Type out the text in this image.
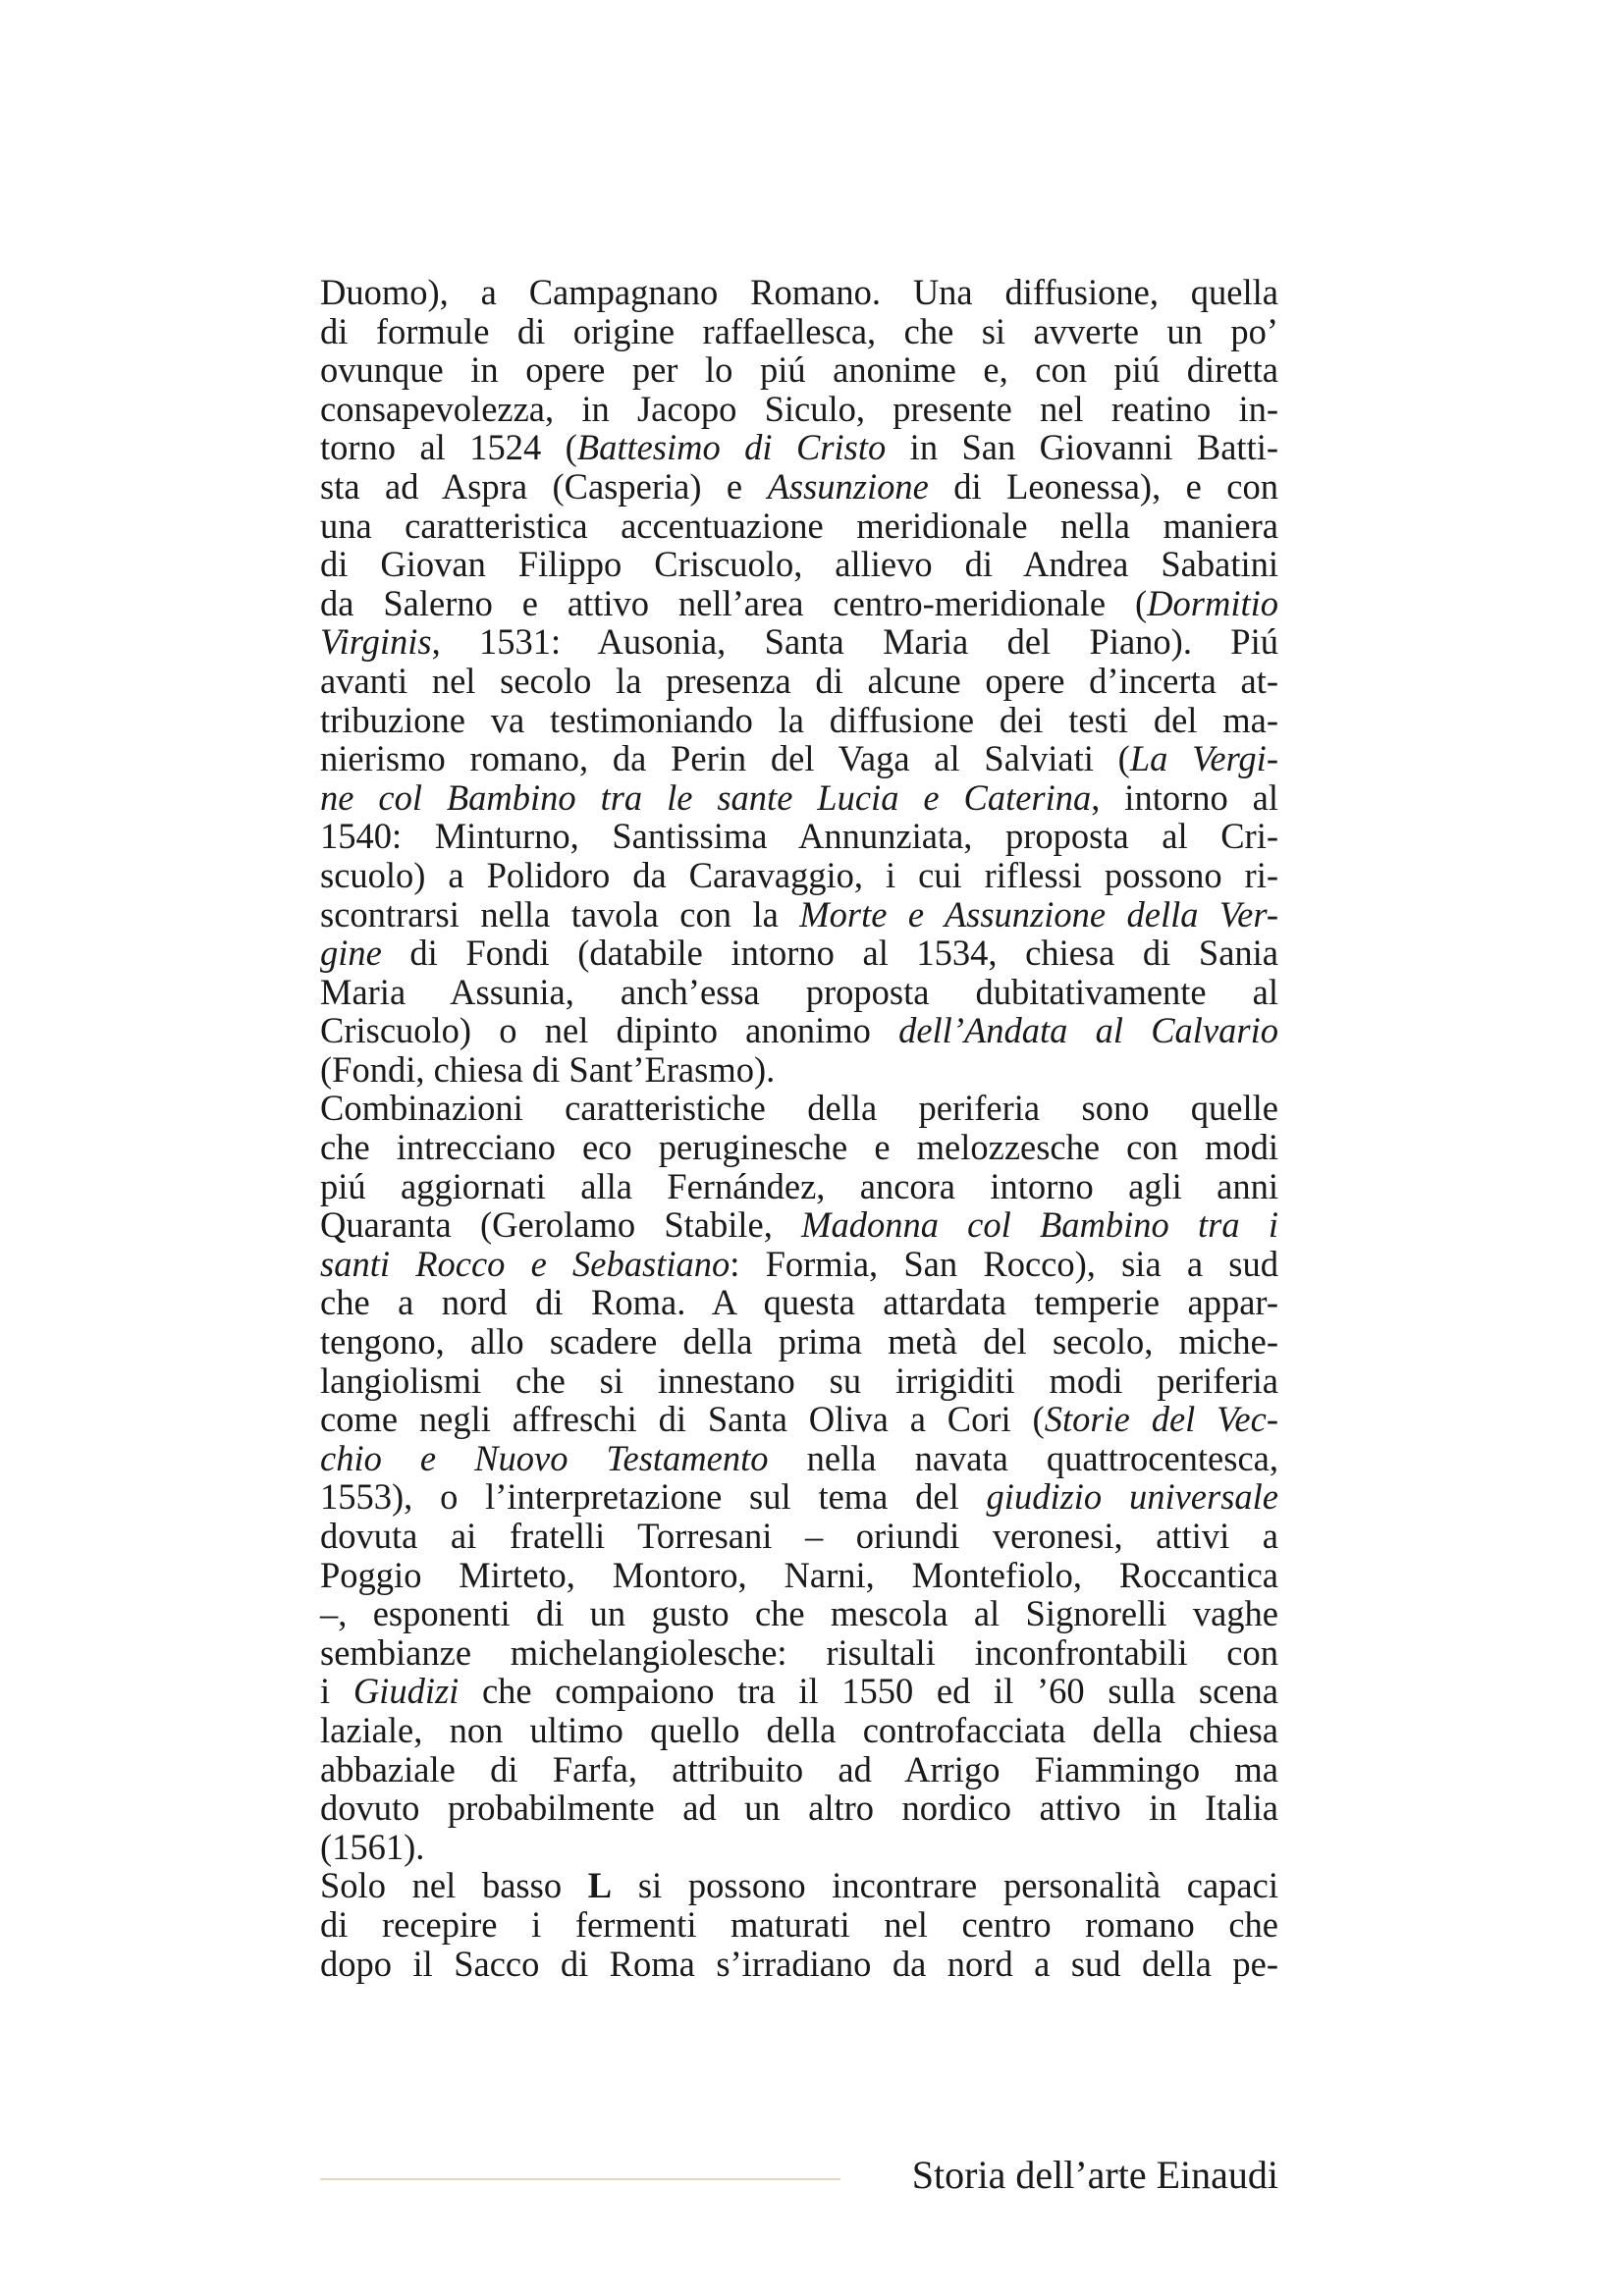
Duomo), a Campagnano Romano. Una diffusione, quella
di formule di origine raffaellesca, che si avverte un po’
ovunque in opere per lo piú anonime e, con piú diretta
consapevolezza, in Jacopo Siculo, presente nel reatino in-
torno al 1524 (Battesimo di Cristo in San Giovanni Batti-
sta ad Aspra (Casperia) e Assunzione di Leonessa), e con
una caratteristica accentuazione meridionale nella maniera
di Giovan Filippo Criscuolo, allievo di Andrea Sabatini
da Salerno e attivo nell’area centro-meridionale (Dormitio
Virginis, 1531: Ausonia, Santa Maria del Piano). Piú
avanti nel secolo la presenza di alcune opere d’incerta at-
tribuzione va testimoniando la diffusione dei testi del ma-
nierismo romano, da Perin del Vaga al Salviati (La Vergi-
ne col Bambino tra le sante Lucia e Caterina, intorno al
1540: Minturno, Santissima Annunziata, proposta al Cri-
scuolo) a Polidoro da Caravaggio, i cui riflessi possono ri-
scontrarsi nella tavola con la Morte e Assunzione della Ver-
gine di Fondi (databile intorno al 1534, chiesa di Sania
Maria Assunia, anch’essa proposta dubitativamente al
Criscuolo) o nel dipinto anonimo dell’Andata al Calvario
(Fondi, chiesa di Sant’Erasmo).
Combinazioni caratteristiche della periferia sono quelle
che intrecciano eco peruginesche e melozzesche con modi
piú aggiornati alla Fernández, ancora intorno agli anni
Quaranta (Gerolamo Stabile, Madonna col Bambino tra i
santi Rocco e Sebastiano: Formia, San Rocco), sia a sud
che a nord di Roma. A questa attardata temperie appar-
tengono, allo scadere della prima metà del secolo, miche-
langiolismi che si innestano su irrigiditi modi periferia
come negli affreschi di Santa Oliva a Cori (Storie del Vec-
chio e Nuovo Testamento nella navata quattrocentesca,
1553), o l’interpretazione sul tema del giudizio universale
dovuta ai fratelli Torresani – oriundi veronesi, attivi a
Poggio Mirteto, Montoro, Narni, Montefiolo, Roccantica
–, esponenti di un gusto che mescola al Signorelli vaghe
sembianze michelangiolesche: risultali inconfrontabili con
i Giudizi che compaiono tra il 1550 ed il ’60 sulla scena
laziale, non ultimo quello della controfacciata della chiesa
abbaziale di Farfa, attribuito ad Arrigo Fiammingo ma
dovuto probabilmente ad un altro nordico attivo in Italia
(1561).
Solo nel basso L si possono incontrare personalità capaci
di recepire i fermenti maturati nel centro romano che
dopo il Sacco di Roma s’irradiano da nord a sud della pe-
Storia dell’arte Einaudi
